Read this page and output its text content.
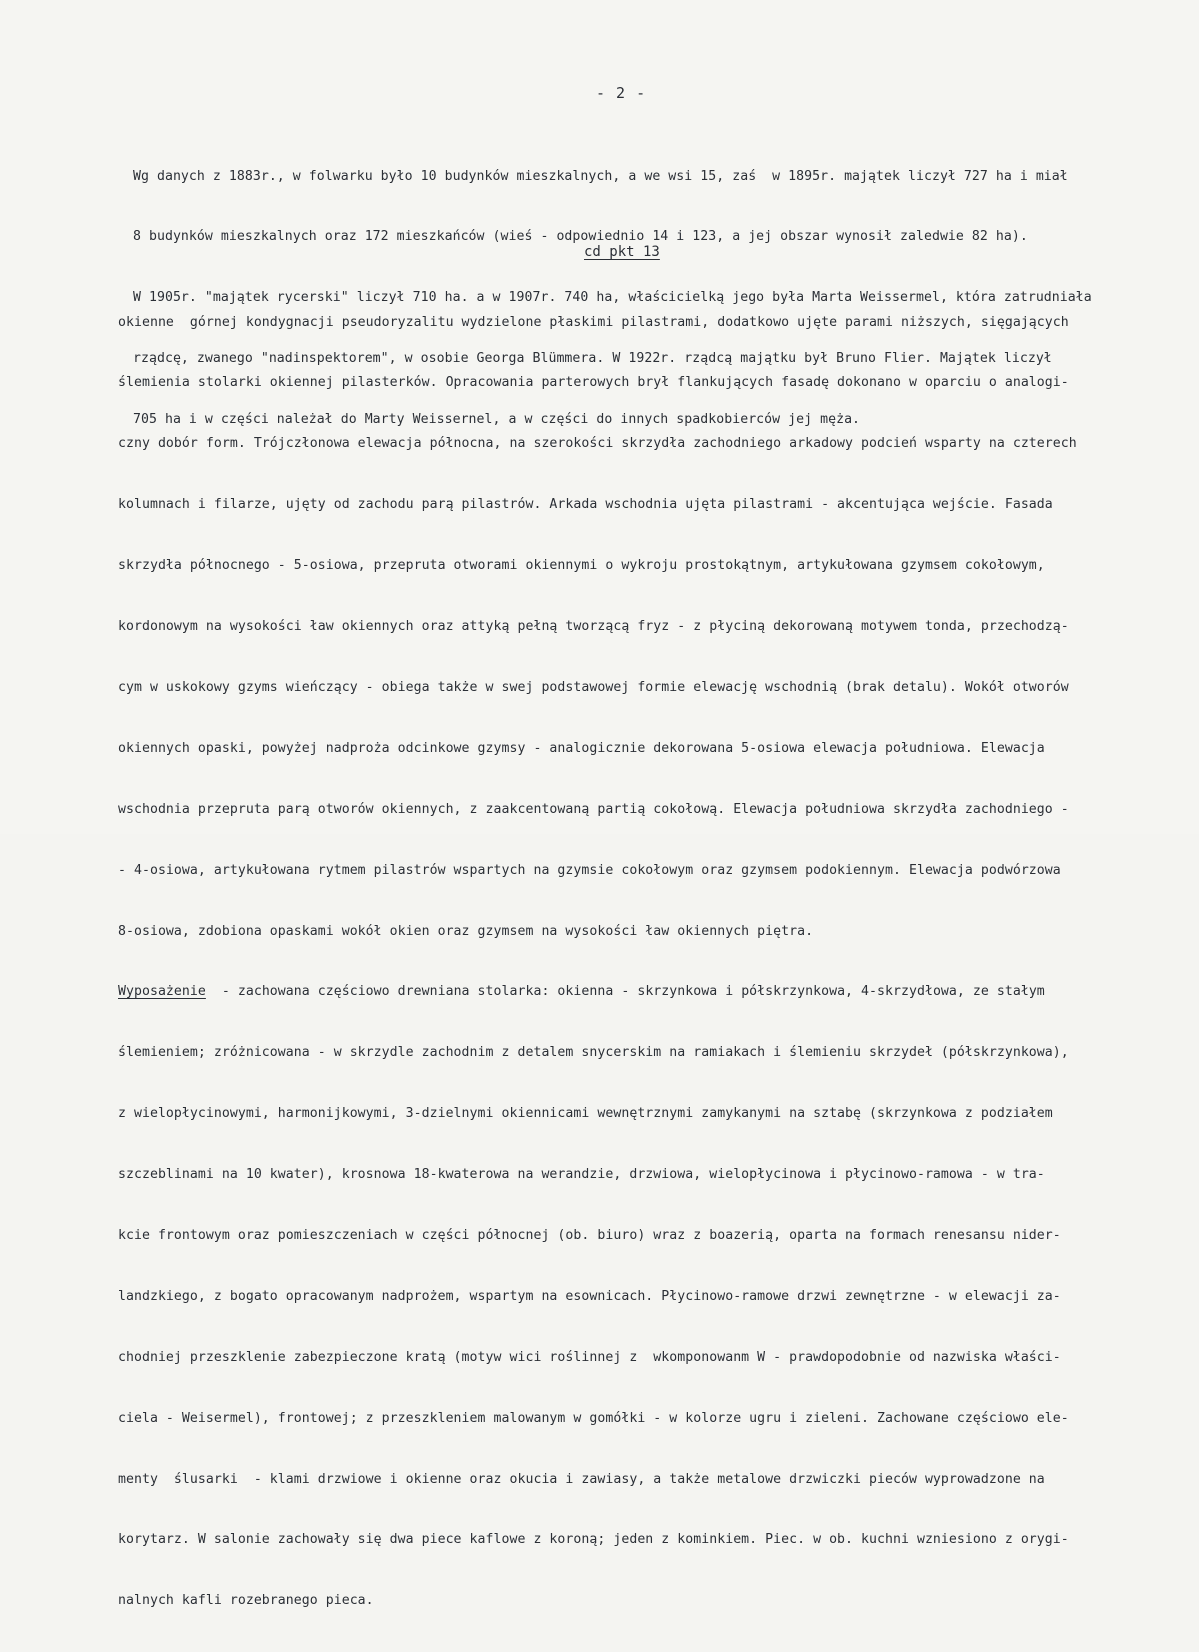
- 2 -

Wg danych z 1883r., w folwarku było 10 budynków mieszkalnych, a we wsi 15, zaś  w 1895r. majątek liczył 727 ha i miał

8 budynków mieszkalnych oraz 172 mieszkańców (wieś - odpowiednio 14 i 123, a jej obszar wynosił zaledwie 82 ha).

W 1905r. "majątek rycerski" liczył 710 ha. a w 1907r. 740 ha, właścicielką jego była Marta Weissermel, która zatrudniała

rządcę, zwanego "nadinspektorem", w osobie Georga Blümmera. W 1922r. rządcą majątku był Bruno Flier. Majątek liczył

705 ha i w części należał do Marty Weissernel, a w części do innych spadkobierców jej męża.

cd pkt 13

okienne  górnej kondygnacji pseudoryzalitu wydzielone płaskimi pilastrami, dodatkowo ujęte parami niższych, sięgających

ślemienia stolarki okiennej pilasterków. Opracowania parterowych brył flankujących fasadę dokonano w oparciu o analogi-

czny dobór form. Trójczłonowa elewacja północna, na szerokości skrzydła zachodniego arkadowy podcień wsparty na czterech

kolumnach i filarze, ujęty od zachodu parą pilastrów. Arkada wschodnia ujęta pilastrami - akcentująca wejście. Fasada

skrzydła północnego - 5-osiowa, przepruta otworami okiennymi o wykroju prostokątnym, artykułowana gzymsem cokołowym,

kordonowym na wysokości ław okiennych oraz attyką pełną tworzącą fryz - z płyciną dekorowaną motywem tonda, przechodzą-

cym w uskokowy gzyms wieńczący - obiega także w swej podstawowej formie elewację wschodnią (brak detalu). Wokół otworów

okiennych opaski, powyżej nadproża odcinkowe gzymsy - analogicznie dekorowana 5-osiowa elewacja południowa. Elewacja

wschodnia przepruta parą otworów okiennych, z zaakcentowaną partią cokołową. Elewacja południowa skrzydła zachodniego -

- 4-osiowa, artykułowana rytmem pilastrów wspartych na gzymsie cokołowym oraz gzymsem podokiennym. Elewacja podwórzowa

8-osiowa, zdobiona opaskami wokół okien oraz gzymsem na wysokości ław okiennych piętra.

Wyposażenie  - zachowana częściowo drewniana stolarka: okienna - skrzynkowa i półskrzynkowa, 4-skrzydłowa, ze stałym

ślemieniem; zróżnicowana - w skrzydle zachodnim z detalem snycerskim na ramiakach i ślemieniu skrzydeł (półskrzynkowa),

z wielopłycinowymi, harmonijkowymi, 3-dzielnymi okiennicami wewnętrznymi zamykanymi na sztabę (skrzynkowa z podziałem

szczeblinami na 10 kwater), krosnowa 18-kwaterowa na werandzie, drzwiowa, wielopłycinowa i płycinowo-ramowa - w tra-

kcie frontowym oraz pomieszczeniach w części północnej (ob. biuro) wraz z boazerią, oparta na formach renesansu nider-

landzkiego, z bogato opracowanym nadprożem, wspartym na esownicach. Płycinowo-ramowe drzwi zewnętrzne - w elewacji za-

chodniej przeszklenie zabezpieczone kratą (motyw wici roślinnej z  wkomponowanm W - prawdopodobnie od nazwiska właści-

ciela - Weisermel), frontowej; z przeszkleniem malowanym w gomółki - w kolorze ugru i zieleni. Zachowane częściowo ele-

menty  ślusarki  - klami drzwiowe i okienne oraz okucia i zawiasy, a także metalowe drzwiczki pieców wyprowadzone na

korytarz. W salonie zachowały się dwa piece kaflowe z koroną; jeden z kominkiem. Piec. w ob. kuchni wzniesiono z orygi-

nalnych kafli rozebranego pieca.
